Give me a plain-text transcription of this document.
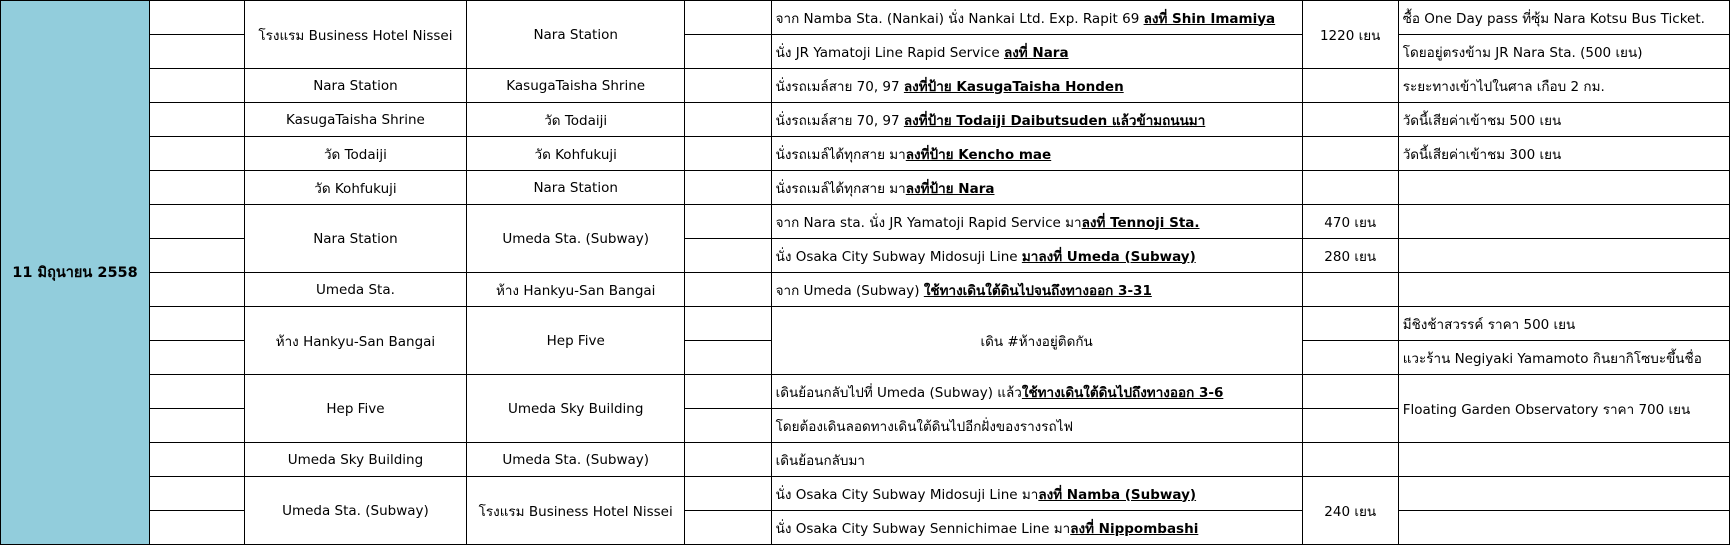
11 มิถุนายน 2558		โรงแรม Business Hotel Nissei	Nara Station		จาก Namba Sta. (Nankai) นั่ง Nankai Ltd. Exp. Rapit 69 ลงที่ Shin Imamiya	1220 เยน	ซื้อ One Day pass ที่ซุ้ม Nara Kotsu Bus Ticket.
					นั่ง JR Yamatoji Line Rapid Service ลงที่ Nara		โดยอยู่ตรงข้าม JR Nara Sta. (500 เยน)
		Nara Station	KasugaTaisha Shrine		นั่งรถเมล์สาย 70, 97 ลงที่ป้าย KasugaTaisha Honden		ระยะทางเข้าไปในศาล เกือบ 2 กม.
		KasugaTaisha Shrine	วัด Todaiji		นั่งรถเมล์สาย 70, 97 ลงที่ป้าย Todaiji Daibutsuden แล้วข้ามถนนมา		วัดนี้เสียค่าเข้าชม 500 เยน
		วัด Todaiji	วัด Kohfukuji		นั่งรถเมล์ได้ทุกสาย มาลงที่ป้าย Kencho mae		วัดนี้เสียค่าเข้าชม 300 เยน
		วัด Kohfukuji	Nara Station		นั่งรถเมล์ได้ทุกสาย มาลงที่ป้าย Nara		
		Nara Station	Umeda Sta. (Subway)		จาก Nara sta. นั่ง JR Yamatoji Rapid Service มาลงที่ Tennoji Sta.	470 เยน	
					นั่ง Osaka City Subway Midosuji Line มาลงที่ Umeda (Subway)	280 เยน	
		Umeda Sta.	ห้าง Hankyu-San Bangai		จาก Umeda (Subway) ใช้ทางเดินใต้ดินไปจนถึงทางออก 3-31		
		ห้าง Hankyu-San Bangai	Hep Five		เดิน #ห้างอยู่ติดกัน		มีชิงช้าสวรรค์ ราคา 500 เยน
							แวะร้าน Negiyaki Yamamoto กินยากิโซบะขึ้นชื่อ
		Hep Five	Umeda Sky Building		เดินย้อนกลับไปที่ Umeda (Subway) แล้วใช้ทางเดินใต้ดินไปถึงทางออก 3-6		Floating Garden Observatory ราคา 700 เยน
					โดยต้องเดินลอดทางเดินใต้ดินไปอีกฝั่งของรางรถไฟ		
		Umeda Sky Building	Umeda Sta. (Subway)		เดินย้อนกลับมา		
		Umeda Sta. (Subway)	โรงแรม Business Hotel Nissei		นั่ง Osaka City Subway Midosuji Line มาลงที่ Namba (Subway)	240 เยน	
					นั่ง Osaka City Subway Sennichimae Line มาลงที่ Nippombashi		
